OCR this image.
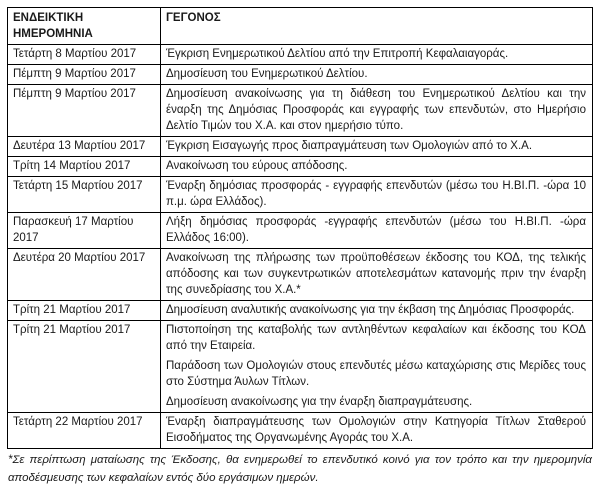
ΕΝΔΕΙΚΤΙΚΗ ΗΜΕΡΟΜΗΝΙΑ	ΓΕΓΟΝΟΣ
Τετάρτη 8 Μαρτίου 2017	Έγκριση Ενημερωτικού Δελτίου από την Επιτροπή Κεφαλαιαγοράς.

Πέμπτη 9 Μαρτίου 2017	Δημοσίευση του Ενημερωτικού Δελτίου.

Πέμπτη 9 Μαρτίου 2017	Δημοσίευση ανακοίνωσης για τη διάθεση του Ενημερωτικού Δελτίου και την έναρξη της Δημόσιας Προσφοράς και εγγραφής των επενδυτών, στο Ημερήσιο Δελτίο Τιμών του Χ.Α. και στον ημερήσιο τύπο.

Δευτέρα 13 Μαρτίου 2017	Έγκριση Εισαγωγής προς διαπραγμάτευση των Ομολογιών από το Χ.Α.

Τρίτη 14 Μαρτίου 2017	Ανακοίνωση του εύρους απόδοσης.

Τετάρτη 15 Μαρτίου 2017	Έναρξη δημόσιας προσφοράς - εγγραφής επενδυτών (μέσω του Η.ΒΙ.Π. -ώρα 10 π.μ. ώρα Ελλάδος).

Παρασκευή 17 Μαρτίου 2017	Λήξη δημόσιας προσφοράς -εγγραφής επενδυτών (μέσω του Η.ΒΙ.Π. -ώρα Ελλάδος 16:00).

Δευτέρα 20 Μαρτίου 2017	Ανακοίνωση της πλήρωσης των προϋποθέσεων έκδοσης του ΚΟΔ, της τελικής απόδοσης και των συγκεντρωτικών αποτελεσμάτων κατανομής πριν την έναρξη της συνεδρίασης του Χ.Α.*

Τρίτη 21 Μαρτίου 2017	Δημοσίευση αναλυτικής ανακοίνωσης για την έκβαση της Δημόσιας Προσφοράς.

Τρίτη 21 Μαρτίου 2017	Πιστοποίηση της καταβολής των αντληθέντων κεφαλαίων και έκδοσης του ΚΟΔ από την Εταιρεία.

Παράδοση των Ομολογιών στους επενδυτές μέσω καταχώρισης στις Μερίδες τους στο Σύστημα Άυλων Τίτλων.

Δημοσίευση ανακοίνωσης για την έναρξη διαπραγμάτευσης.

Τετάρτη 22 Μαρτίου 2017	Έναρξη διαπραγμάτευσης των Ομολογιών στην Κατηγορία Τίτλων Σταθερού Εισοδήματος της Οργανωμένης Αγοράς του Χ.Α.

*Σε περίπτωση ματαίωσης της Έκδοσης, θα ενημερωθεί το επενδυτικό κοινό για τον τρόπο και την ημερομηνία αποδέσμευσης των κεφαλαίων εντός δύο εργάσιμων ημερών.
